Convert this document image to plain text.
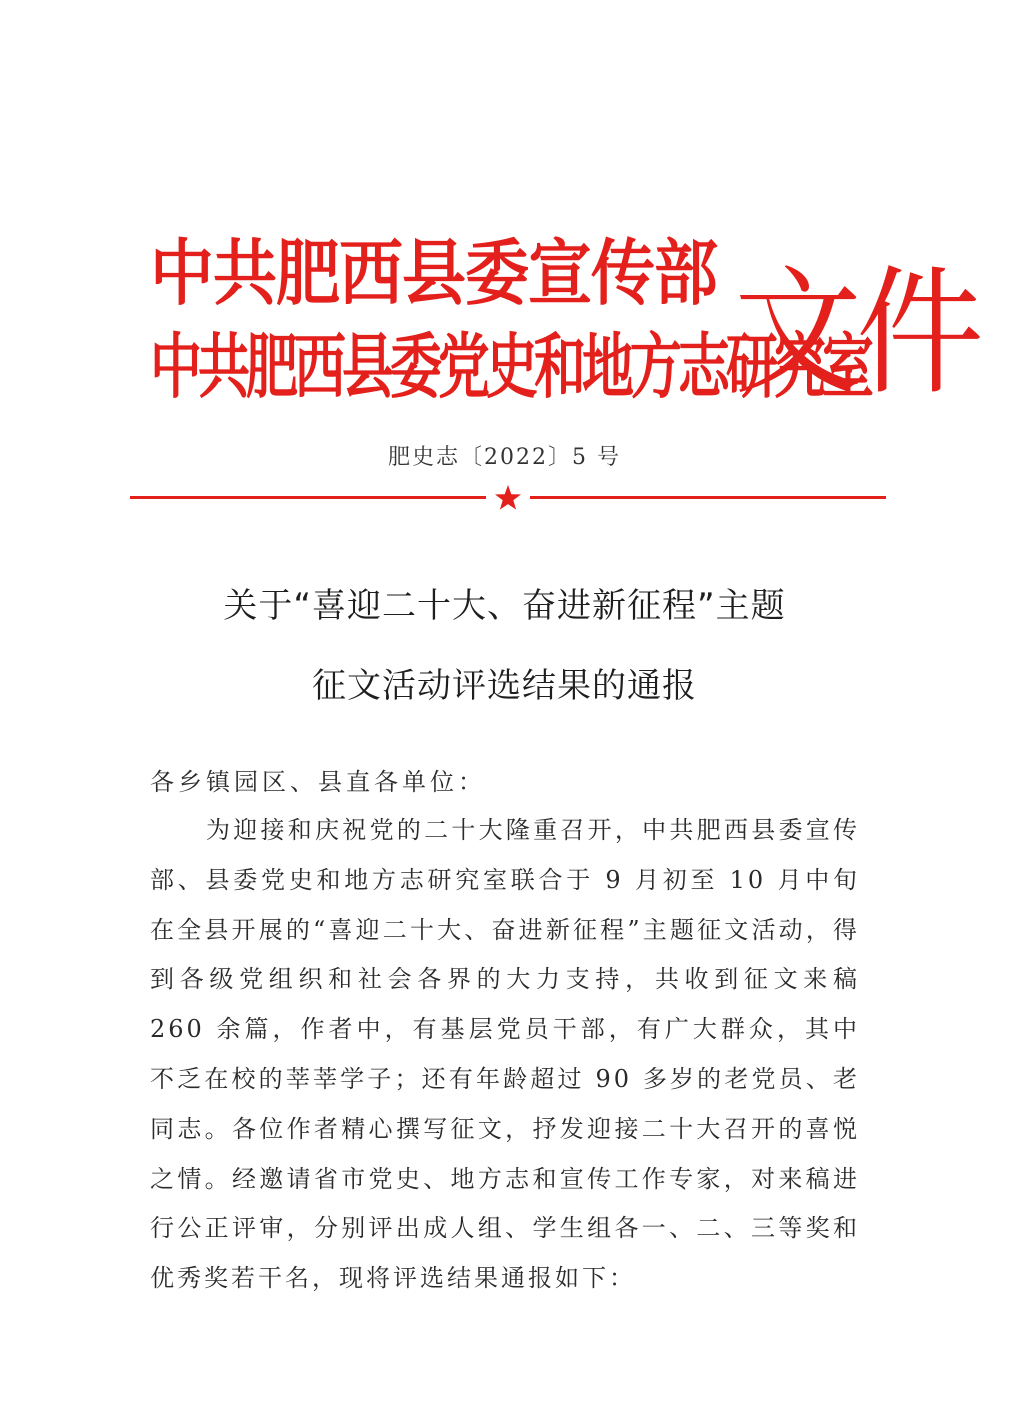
中共肥西县委宣传部
中共肥西县委党史和地方志研究室
文件
肥史志〔2022〕5 号
关于“喜迎二十大、奋进新征程”主题
征文活动评选结果的通报
各乡镇园区、县直各单位：

为迎接和庆祝党的二十大隆重召开，中共肥西县委宣传部、县委党史和地方志研究室联合于 9 月初至 10 月中旬在全县开展的“喜迎二十大、奋进新征程”主题征文活动，得到各级党组织和社会各界的大力支持，共收到征文来稿 260 余篇，作者中，有基层党员干部，有广大群众，其中不乏在校的莘莘学子；还有年龄超过 90 多岁的老党员、老同志。各位作者精心撰写征文，抒发迎接二十大召开的喜悦之情。经邀请省市党史、地方志和宣传工作专家，对来稿进行公正评审，分别评出成人组、学生组各一、二、三等奖和优秀奖若干名，现将评选结果通报如下：
